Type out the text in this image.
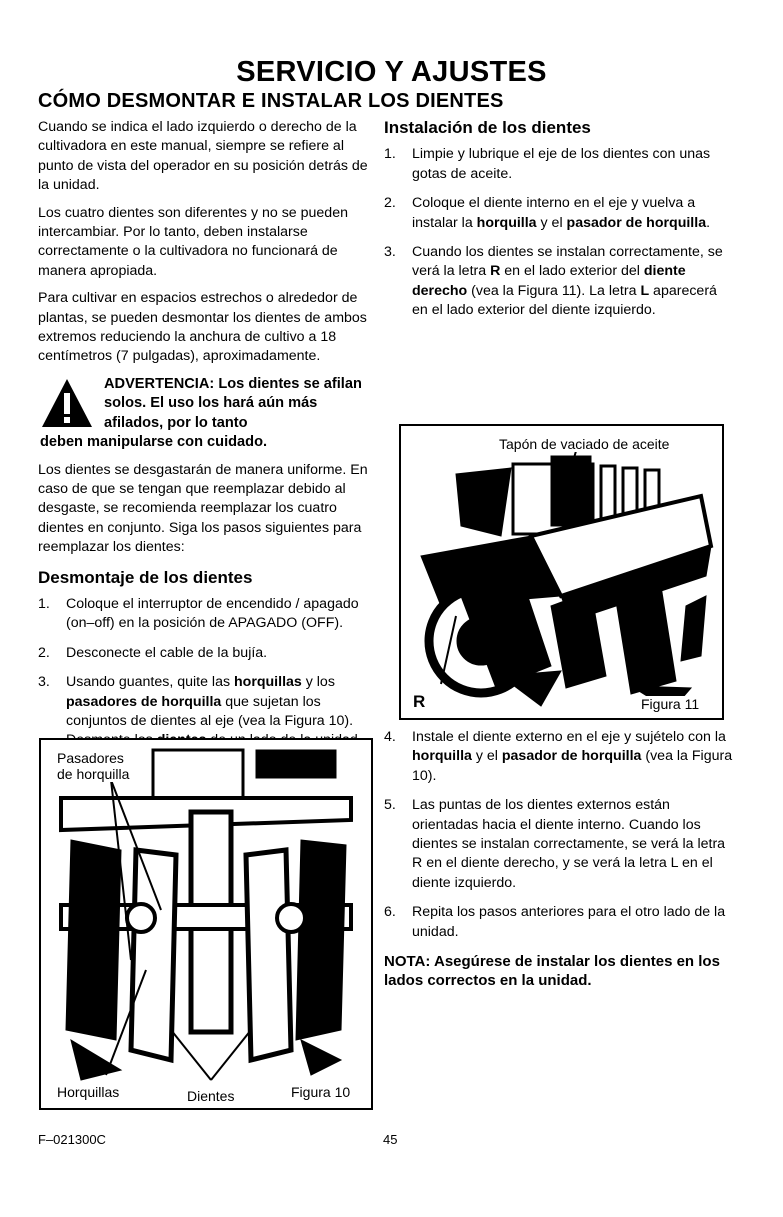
SERVICIO Y AJUSTES
CÓMO DESMONTAR E INSTALAR LOS DIENTES

Cuando se indica el lado izquierdo o derecho de la cultivadora en este manual, siempre se refiere al punto de vista del operador en su posición detrás de la unidad.

Los cuatro dientes son diferentes y no se pueden intercambiar. Por lo tanto, deben instalarse correctamente o la cultivadora no funcionará de manera apropiada.

Para cultivar en espacios estrechos o alrededor de plantas, se pueden desmontar los dientes de ambos extremos reduciendo la anchura de cultivo a 18 centímetros (7 pulgadas), aproximadamente.

ADVERTENCIA: Los dientes se afilan solos. El uso los hará aún más afilados, por lo tanto
deben manipularse con cuidado.

Los dientes se desgastarán de manera uniforme. En caso de que se tengan que reemplazar debido al desgaste, se recomienda reemplazar los cuatro dientes en conjunto. Siga los pasos siguientes para reemplazar los dientes:

Desmontaje de los dientes
1. Coloque el interruptor de encendido / apagado (on–off) en la posición de APAGADO (OFF).
2. Desconecte el cable de la bujía.
3. Usando guantes, quite las horquillas y los pasadores de horquilla que sujetan los conjuntos de dientes al eje (vea la Figura 10).
Instalación de los dientes
1. Limpie y lubrique el eje de los dientes con unas gotas de aceite.
2. Coloque el diente interno en el eje y vuelva a instalar la horquilla y el pasador de horquilla.
3. Cuando los dientes se instalan correctamente, se verá la letra R en el lado exterior del diente derecho (vea la Figura 11). La letra L aparecerá en el lado exterior del diente izquierdo.
Tapón de vaciado de aceite
R	Figura 11
4. Instale el diente externo en el eje y sujételo con la horquilla y el pasador de horquilla (vea la Figura 10).
5. Las puntas de los dientes externos están orientadas hacia el diente interno. Cuando los dientes se instalan correctamente, se verá la letra R en el diente derecho, y se verá la letra L en el diente izquierdo.
6. Repita los pasos anteriores para el otro lado de la unidad.

NOTA: Asegúrese de instalar los dientes en los lados correctos en la unidad.

Pasadores
de horquilla
Horquillas	Dientes	Figura 10
F–021300C	45
